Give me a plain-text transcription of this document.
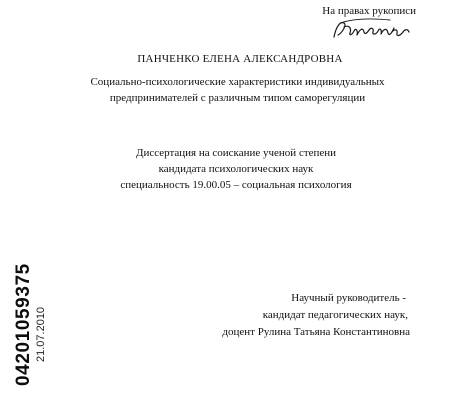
На правах рукописи
ПАНЧЕНКО ЕЛЕНА АЛЕКСАНДРОВНА
Социально-психологические характеристики индивидуальных
предпринимателей с различным типом саморегуляции
Диссертация на соискание ученой степени
кандидата психологических наук
специальность 19.00.05 – социальная психология
Научный руководитель -
кандидат педагогических наук,
доцент Рулина Татьяна Константиновна
04201059375 21.07.2010
